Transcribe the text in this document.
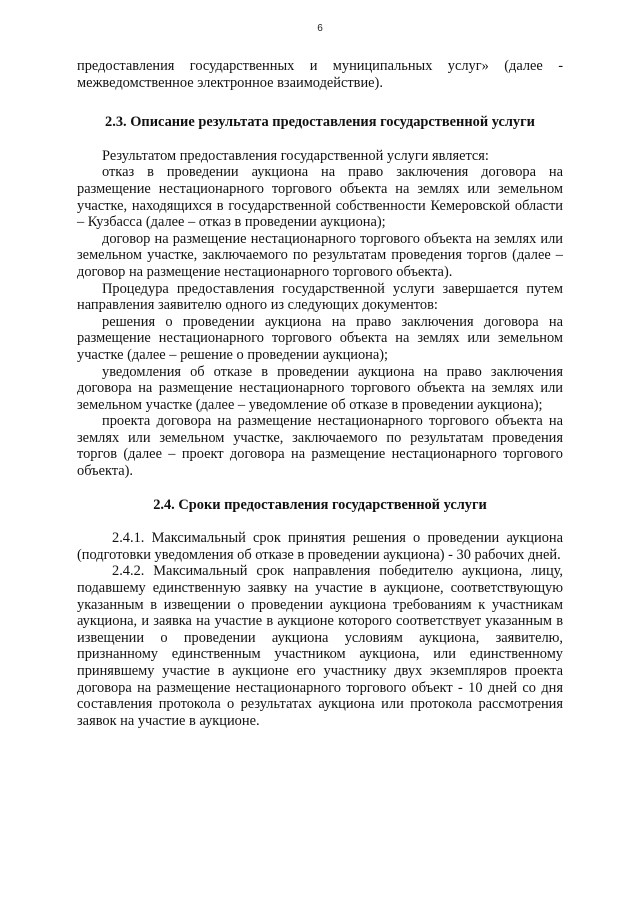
6

предоставления государственных и муниципальных услуг» (далее - межведомственное электронное взаимодействие).

2.3. Описание результата предоставления государственной услуги

Результатом предоставления государственной услуги является:

отказ в проведении аукциона на право заключения договора на размещение нестационарного торгового объекта на землях или земельном участке, находящихся в государственной собственности Кемеровской области – Кузбасса (далее – отказ в проведении аукциона);

договор на размещение нестационарного торгового объекта на землях или земельном участке, заключаемого по результатам проведения торгов (далее – договор на размещение нестационарного торгового объекта).

Процедура предоставления государственной услуги завершается путем направления заявителю одного из следующих документов:

решения о проведении аукциона на право заключения договора на размещение нестационарного торгового объекта на землях или земельном участке (далее – решение о проведении аукциона);

уведомления об отказе в проведении аукциона на право заключения договора на размещение нестационарного торгового объекта на землях или земельном участке (далее – уведомление об отказе в проведении аукциона);

проекта договора на размещение нестационарного торгового объекта на землях или земельном участке, заключаемого по результатам проведения торгов (далее – проект договора на размещение нестационарного торгового объекта).

2.4. Сроки предоставления государственной услуги

2.4.1. Максимальный срок принятия решения о проведении аукциона (подготовки уведомления об отказе в проведении аукциона) - 30 рабочих дней.

2.4.2. Максимальный срок направления победителю аукциона, лицу, подавшему единственную заявку на участие в аукционе, соответствующую указанным в извещении о проведении аукциона требованиям к участникам аукциона, и заявка на участие в аукционе которого соответствует указанным в извещении о проведении аукциона условиям аукциона, заявителю, признанному единственным участником аукциона, или единственному принявшему участие в аукционе его участнику двух экземпляров проекта договора на размещение нестационарного торгового объект - 10 дней со дня составления протокола о результатах аукциона или протокола рассмотрения заявок на участие в аукционе.
